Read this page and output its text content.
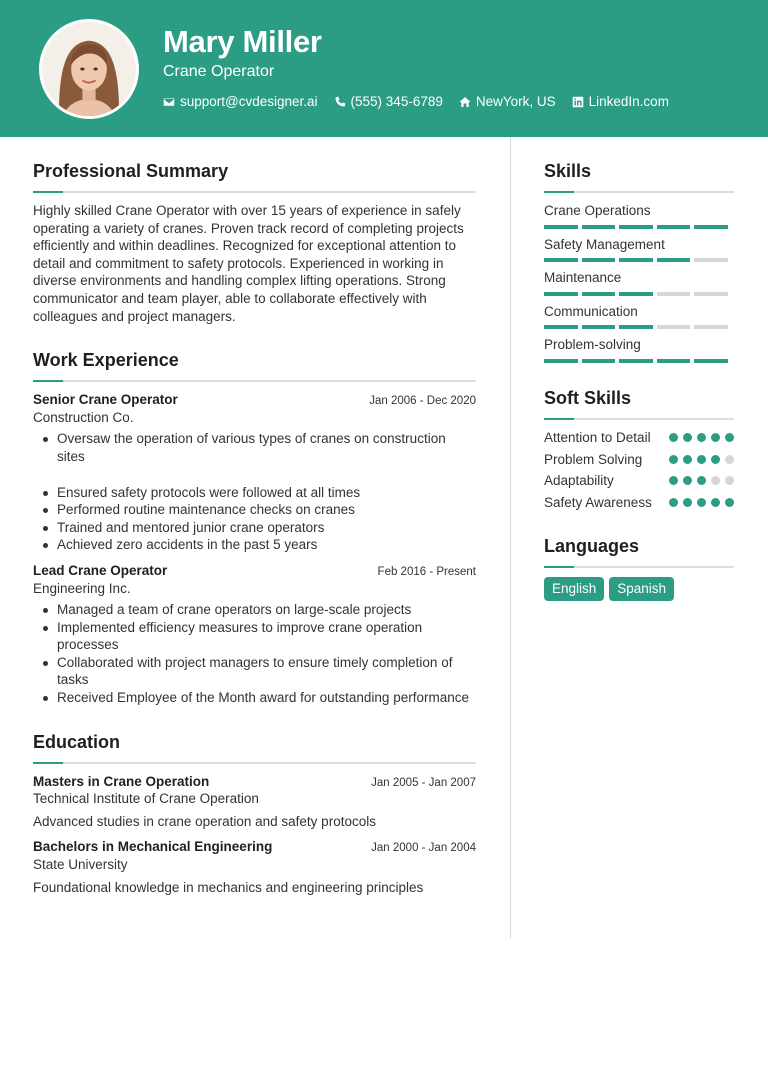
Mary Miller
Crane Operator
support@cvdesigner.ai (555) 345-6789 NewYork, US LinkedIn.com
Professional Summary

Highly skilled Crane Operator with over 15 years of experience in safely operating a variety of cranes. Proven track record of completing projects efficiently and within deadlines. Recognized for exceptional attention to detail and commitment to safety protocols. Experienced in working in diverse environments and handling complex lifting operations. Strong communicator and team player, able to collaborate effectively with colleagues and project managers.

Work Experience
Senior Crane Operator	Jan 2006 - Dec 2020
Construction Co.
Oversaw the operation of various types of cranes on construction sites
Ensured safety protocols were followed at all times
Performed routine maintenance checks on cranes
Trained and mentored junior crane operators
Achieved zero accidents in the past 5 years
Lead Crane Operator	Feb 2016 - Present
Engineering Inc.
Managed a team of crane operators on large-scale projects
Implemented efficiency measures to improve crane operation processes
Collaborated with project managers to ensure timely completion of tasks
Received Employee of the Month award for outstanding performance
Education
Masters in Crane Operation	Jan 2005 - Jan 2007
Technical Institute of Crane Operation
Advanced studies in crane operation and safety protocols
Bachelors in Mechanical Engineering	Jan 2000 - Jan 2004
State University
Foundational knowledge in mechanics and engineering principles
Skills
Crane Operations
Safety Management
Maintenance
Communication
Problem-solving
Soft Skills
Attention to Detail
Problem Solving
Adaptability
Safety Awareness
Languages
English	Spanish
